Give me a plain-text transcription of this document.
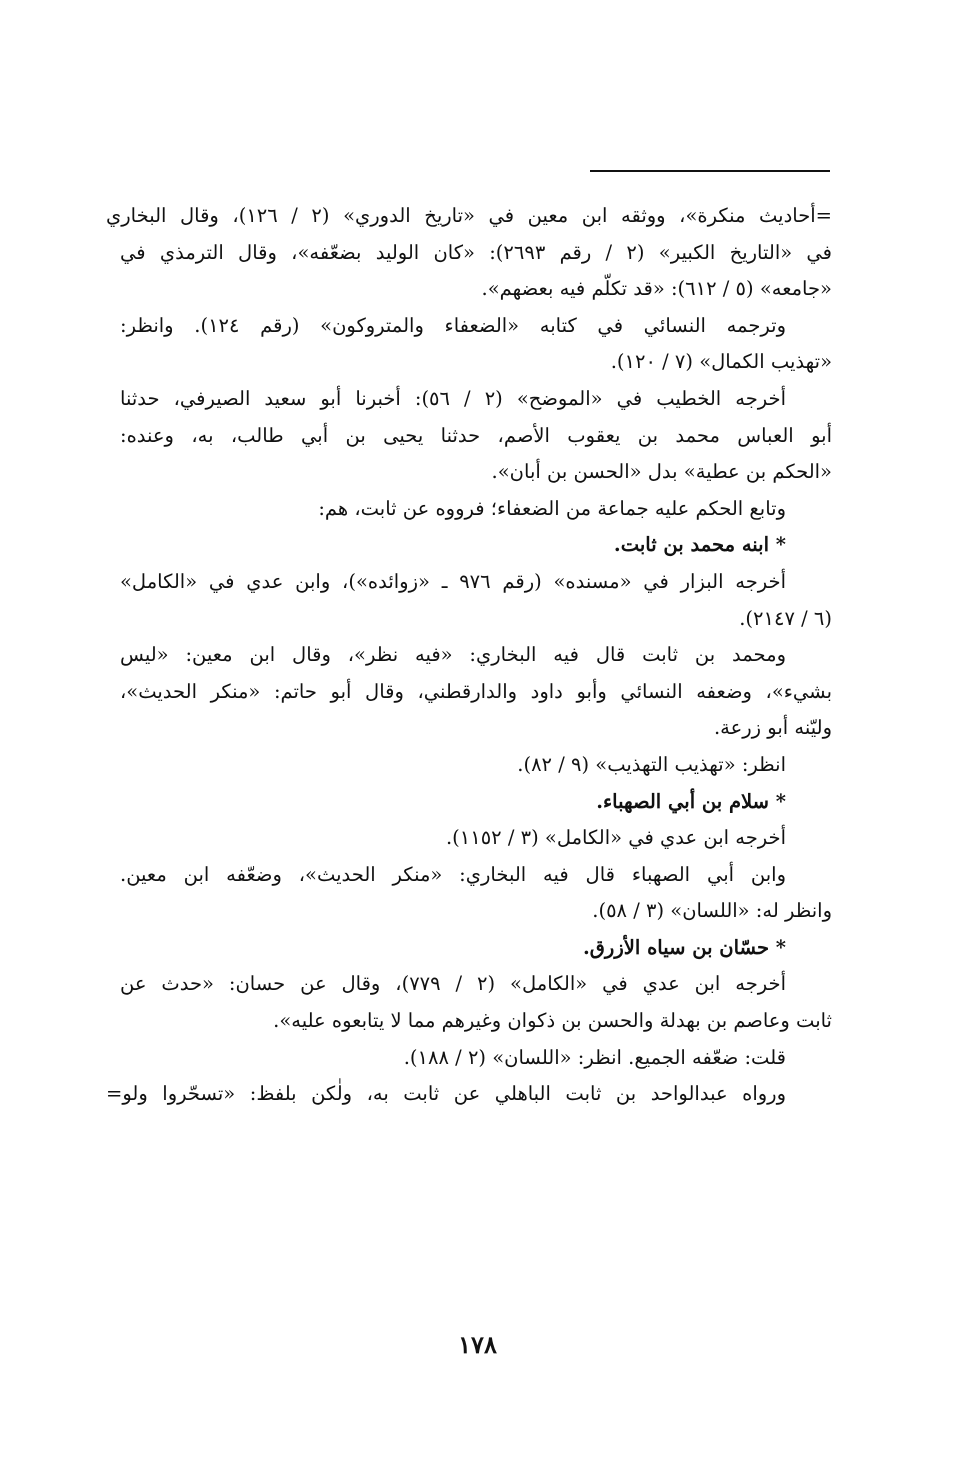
=أحاديث منكرة»، ووثقه ابن معين في «تاريخ الدوري» (٢ / ١٢٦)، وقال البخاري
في «التاريخ الكبير» (٢ / رقم ٢٦٩٣): «كان الوليد بضعّفه»، وقال الترمذي في
«جامعه» (٥ / ٦١٢): «قد تكلّم فيه بعضهم».

وترجمه النسائي في كتابه «الضعفاء والمتروكون» (رقم ١٢٤). وانظر:
«تهذيب الكمال» (٧ / ١٢٠).

أخرجه الخطيب في «الموضح» (٢ / ٥٦): أخبرنا أبو سعيد الصيرفي، حدثنا
أبو العباس محمد بن يعقوب الأصم، حدثنا يحيى بن أبي طالب، به، وعنده:
«الحكم بن عطية» بدل «الحسن بن أبان».

وتابع الحكم عليه جماعة من الضعفاء؛ فرووه عن ثابت، هم:

* ابنه محمد بن ثابت.

أخرجه البزار في «مسنده» (رقم ٩٧٦ ـ «زوائده»)، وابن عدي في «الكامل»
(٦ / ٢١٤٧).

ومحمد بن ثابت قال فيه البخاري: «فيه نظر»، وقال ابن معين: «ليس
بشيء»، وضعفه النسائي وأبو داود والدارقطني، وقال أبو حاتم: «منكر الحديث»،
وليّنه أبو زرعة.

انظر: «تهذيب التهذيب» (٩ / ٨٢).

* سلام بن أبي الصهباء.

أخرجه ابن عدي في «الكامل» (٣ / ١١٥٢).

وابن أبي الصهباء قال فيه البخاري: «منكر الحديث»، وضعّفه ابن معين.
وانظر له: «اللسان» (٣ / ٥٨).

* حسّان بن سياه الأزرق.

أخرجه ابن عدي في «الكامل» (٢ / ٧٧٩)، وقال عن حسان: «حدث عن
ثابت وعاصم بن بهدلة والحسن بن ذكوان وغيرهم مما لا يتابعوه عليه».

قلت: ضعّفه الجميع. انظر: «اللسان» (٢ / ١٨٨).

ورواه عبدالواحد بن ثابت الباهلي عن ثابت به، ولٰكن بلفظ: «تسحّروا ولو=

١٧٨
